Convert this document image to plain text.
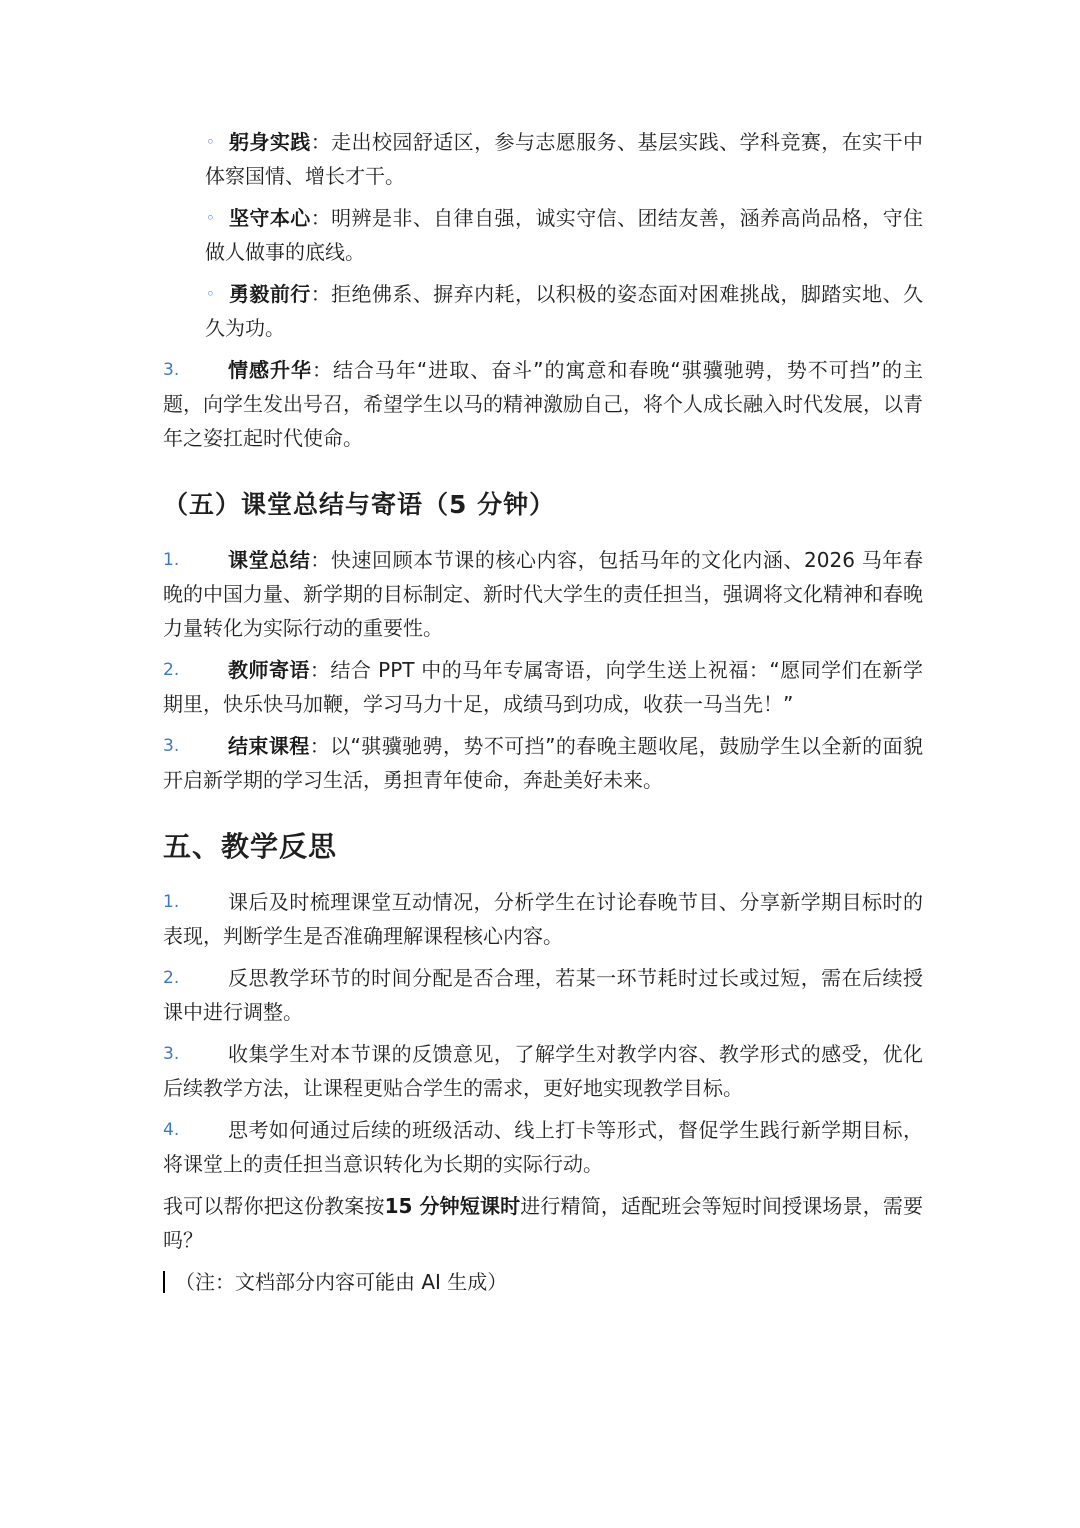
◦ 躬身实践：走出校园舒适区，参与志愿服务、基层实践、学科竞赛，在实干中体察国情、增长才干。
◦ 坚守本心：明辨是非、自律自强，诚实守信、团结友善，涵养高尚品格，守住做人做事的底线。
◦ 勇毅前行：拒绝佛系、摒弃内耗，以积极的姿态面对困难挑战，脚踏实地、久久为功。
3. 情感升华：结合马年“进取、奋斗”的寓意和春晚“骐骥驰骋，势不可挡”的主题，向学生发出号召，希望学生以马的精神激励自己，将个人成长融入时代发展，以青年之姿扛起时代使命。
（五）课堂总结与寄语（5 分钟）
1. 课堂总结：快速回顾本节课的核心内容，包括马年的文化内涵、2026 马年春晚的中国力量、新学期的目标制定、新时代大学生的责任担当，强调将文化精神和春晚力量转化为实际行动的重要性。
2. 教师寄语：结合 PPT 中的马年专属寄语，向学生送上祝福：“愿同学们在新学期里，快乐快马加鞭，学习马力十足，成绩马到功成，收获一马当先！”
3. 结束课程：以“骐骥驰骋，势不可挡”的春晚主题收尾，鼓励学生以全新的面貌开启新学期的学习生活，勇担青年使命，奔赴美好未来。
五、教学反思
1. 课后及时梳理课堂互动情况，分析学生在讨论春晚节目、分享新学期目标时的表现，判断学生是否准确理解课程核心内容。
2. 反思教学环节的时间分配是否合理，若某一环节耗时过长或过短，需在后续授课中进行调整。
3. 收集学生对本节课的反馈意见，了解学生对教学内容、教学形式的感受，优化后续教学方法，让课程更贴合学生的需求，更好地实现教学目标。
4. 思考如何通过后续的班级活动、线上打卡等形式，督促学生践行新学期目标，将课堂上的责任担当意识转化为长期的实际行动。
我可以帮你把这份教案按15 分钟短课时进行精简，适配班会等短时间授课场景，需要吗？
（注：文档部分内容可能由 AI 生成）
